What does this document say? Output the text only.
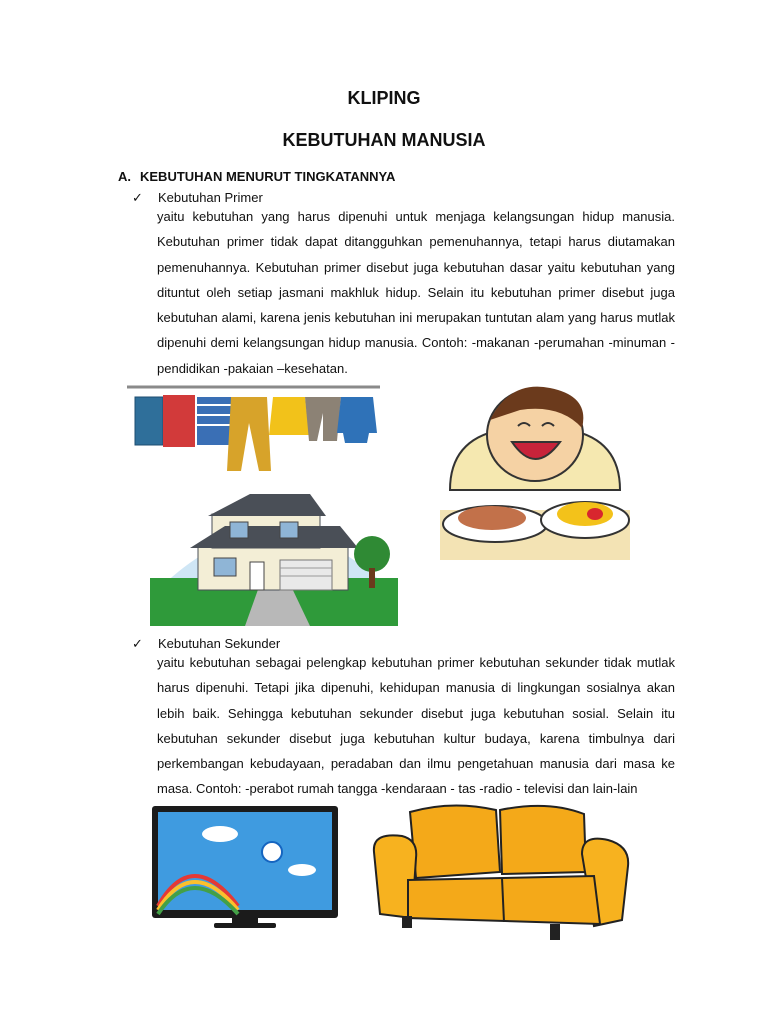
KLIPING
KEBUTUHAN MANUSIA
A. KEBUTUHAN MENURUT TINGKATANNYA
✓ Kebutuhan Primer

yaitu kebutuhan yang harus dipenuhi untuk menjaga kelangsungan hidup manusia. Kebutuhan primer tidak dapat ditangguhkan pemenuhannya, tetapi harus diutamakan pemenuhannya. Kebutuhan primer disebut juga kebutuhan dasar yaitu kebutuhan yang dituntut oleh setiap jasmani makhluk hidup. Selain itu kebutuhan primer disebut juga kebutuhan alami, karena jenis kebutuhan ini merupakan tuntutan alam yang harus mutlak dipenuhi demi kelangsungan hidup manusia. Contoh: -makanan -perumahan -minuman -pendidikan -pakaian –kesehatan.

✓ Kebutuhan Sekunder

yaitu kebutuhan sebagai pelengkap kebutuhan primer kebutuhan sekunder tidak mutlak harus dipenuhi. Tetapi jika dipenuhi, kehidupan manusia di lingkungan sosialnya akan lebih baik. Sehingga kebutuhan sekunder disebut juga kebutuhan sosial. Selain itu kebutuhan sekunder disebut juga kebutuhan kultur budaya, karena timbulnya dari perkembangan kebudayaan, peradaban dan ilmu pengetahuan manusia dari masa ke masa. Contoh: -perabot rumah tangga -kendaraan - tas -radio - televisi dan lain-lain
